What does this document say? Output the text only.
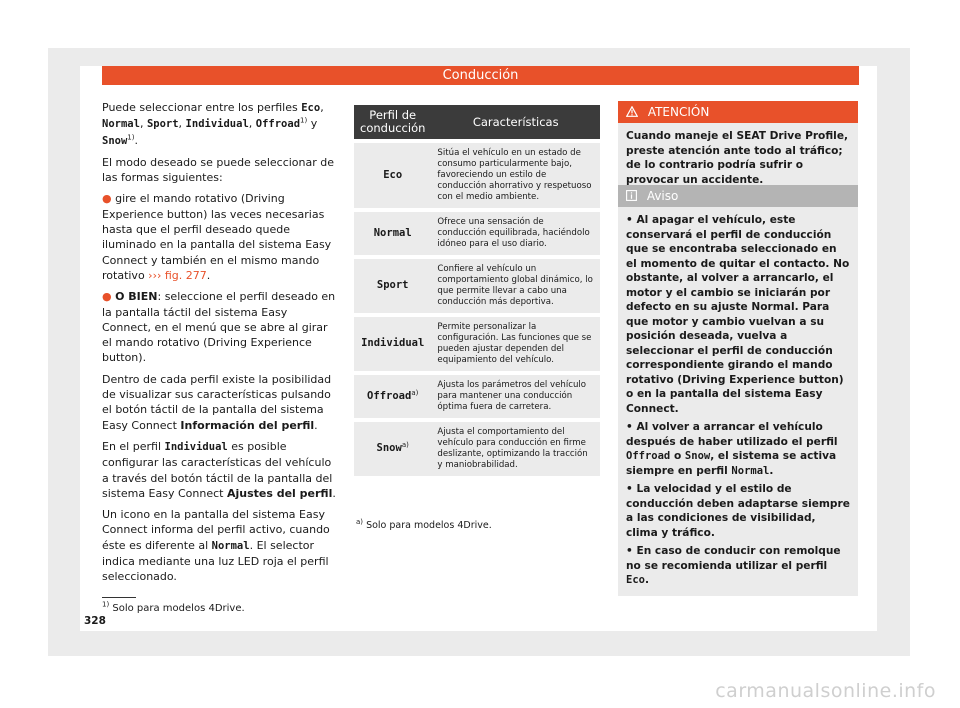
Conducción

Puede seleccionar entre los perfiles Eco, Normal, Sport, Individual, Offroad$^{1)}$ y Snow$^{1)}$.

El modo deseado se puede seleccionar de las formas siguientes:

● gire el mando rotativo (Driving Experience button) las veces necesarias hasta que el perfil deseado quede iluminado en la pantalla del sistema Easy Connect y también en el mismo mando rotativo ››› fig. 277.

● O BIEN: seleccione el perfil deseado en la pantalla táctil del sistema Easy Connect, en el menú que se abre al girar el mando rotativo (Driving Experience button).

Dentro de cada perfil existe la posibilidad de visualizar sus características pulsando el botón táctil de la pantalla del sistema Easy Connect Información del perfil.

En el perfil Individual es posible configurar las características del vehículo a través del botón táctil de la pantalla del sistema Easy Connect Ajustes del perfil.

Un icono en la pantalla del sistema Easy Connect informa del perfil activo, cuando éste es diferente al Normal. El selector indica mediante una luz LED roja el perfil seleccionado.

Perfil de conducción	Características
Eco	Sitúa el vehículo en un estado de consumo particularmente bajo, favoreciendo un estilo de conducción ahorrativo y respetuoso con el medio ambiente.
Normal	Ofrece una sensación de conducción equilibrada, haciéndolo idóneo para el uso diario.
Sport	Confiere al vehículo un comportamiento global dinámico, lo que permite llevar a cabo una conducción más deportiva.
Individual	Permite personalizar la configuración. Las funciones que se pueden ajustar dependen del equipamiento del vehículo.
Offroad$^{a)}$	Ajusta los parámetros del vehículo para mantener una conducción óptima fuera de carretera.
Snow$^{a)}$	Ajusta el comportamiento del vehículo para conducción en firme deslizante, optimizando la tracción y maniobrabilidad.
$^{a)}$ Solo para modelos 4Drive.
ATENCIÓN
Cuando maneje el SEAT Drive Profile, preste atención ante todo al tráfico; de lo contrario podría sufrir o provocar un accidente.
Aviso

• Al apagar el vehículo, este conservará el perfil de conducción que se encontraba seleccionado en el momento de quitar el contacto. No obstante, al volver a arrancarlo, el motor y el cambio se iniciarán por defecto en su ajuste Normal. Para que motor y cambio vuelvan a su posición deseada, vuelva a seleccionar el perfil de conducción correspondiente girando el mando rotativo (Driving Experience button) o en la pantalla del sistema Easy Connect.

• Al volver a arrancar el vehículo después de haber utilizado el perfil Offroad o Snow, el sistema se activa siempre en perfil Normal.

• La velocidad y el estilo de conducción deben adaptarse siempre a las condiciones de visibilidad, clima y tráfico.

• En caso de conducir con remolque no se recomienda utilizar el perfil Eco.

$^{1)}$ Solo para modelos 4Drive.
328
carmanualsonline.info
